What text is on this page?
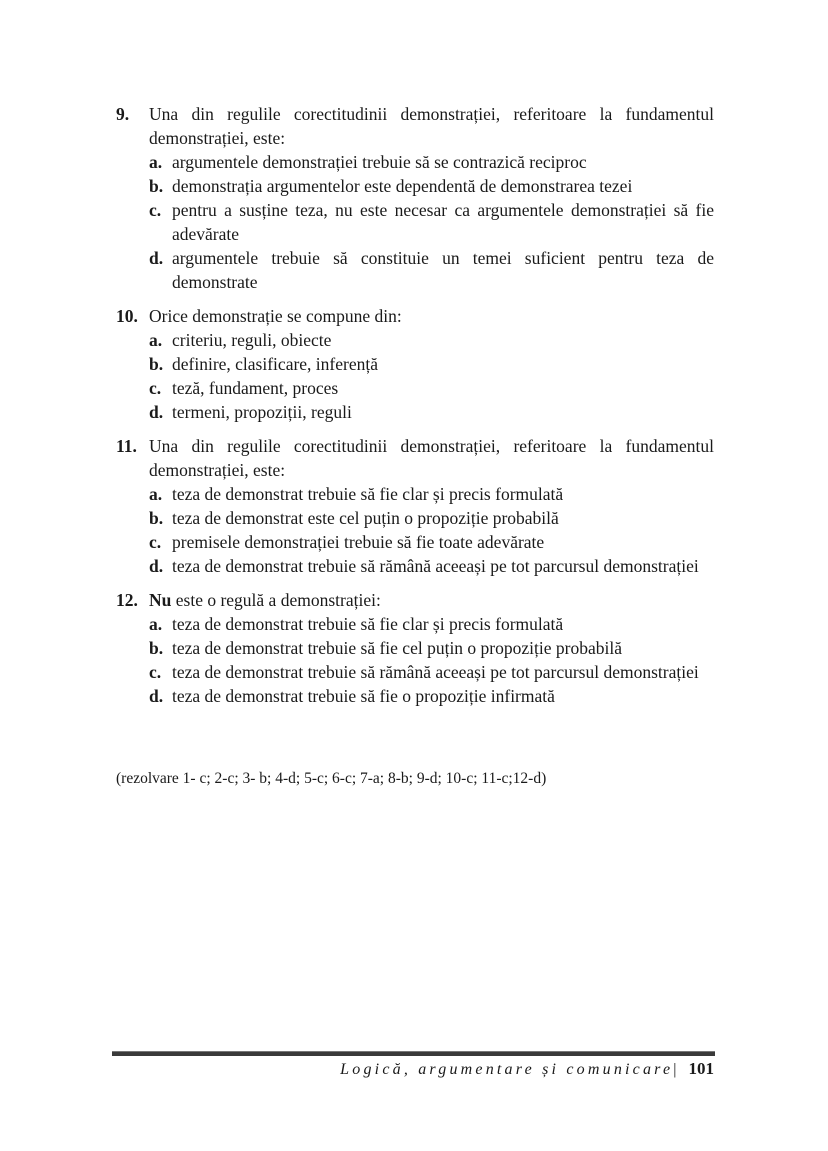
9. Una din regulile corectitudinii demonstrației, referitoare la fundamentul demonstrației, este:
a. argumentele demonstrației trebuie să se contrazică reciproc
b. demonstrația argumentelor este dependentă de demonstrarea tezei
c. pentru a susține teza, nu este necesar ca argumentele demonstrației să fie adevărate
d. argumentele trebuie să constituie un temei suficient pentru teza de demonstrate
10. Orice demonstrație se compune din:
a. criteriu, reguli, obiecte
b. definire, clasificare, inferență
c. teză, fundament, proces
d. termeni, propoziții, reguli
11. Una din regulile corectitudinii demonstrației, referitoare la fundamentul demonstrației, este:
a. teza de demonstrat trebuie să fie clar și precis formulată
b. teza de demonstrat este cel puțin o propoziție probabilă
c. premisele demonstrației trebuie să fie toate adevărate
d. teza de demonstrat trebuie să rămână aceeași pe tot parcursul demonstrației
12. Nu este o regulă a demonstrației:
a. teza de demonstrat trebuie să fie clar și precis formulată
b. teza de demonstrat trebuie să fie cel puțin o propoziție probabilă
c. teza de demonstrat trebuie să rămână aceeași pe tot parcursul demonstrației
d. teza de demonstrat trebuie să fie o propoziție infirmată
(rezolvare 1- c; 2-c; 3- b; 4-d; 5-c; 6-c; 7-a; 8-b; 9-d; 10-c; 11-c;12-d)
Logică, argumentare și comunicare| 101
